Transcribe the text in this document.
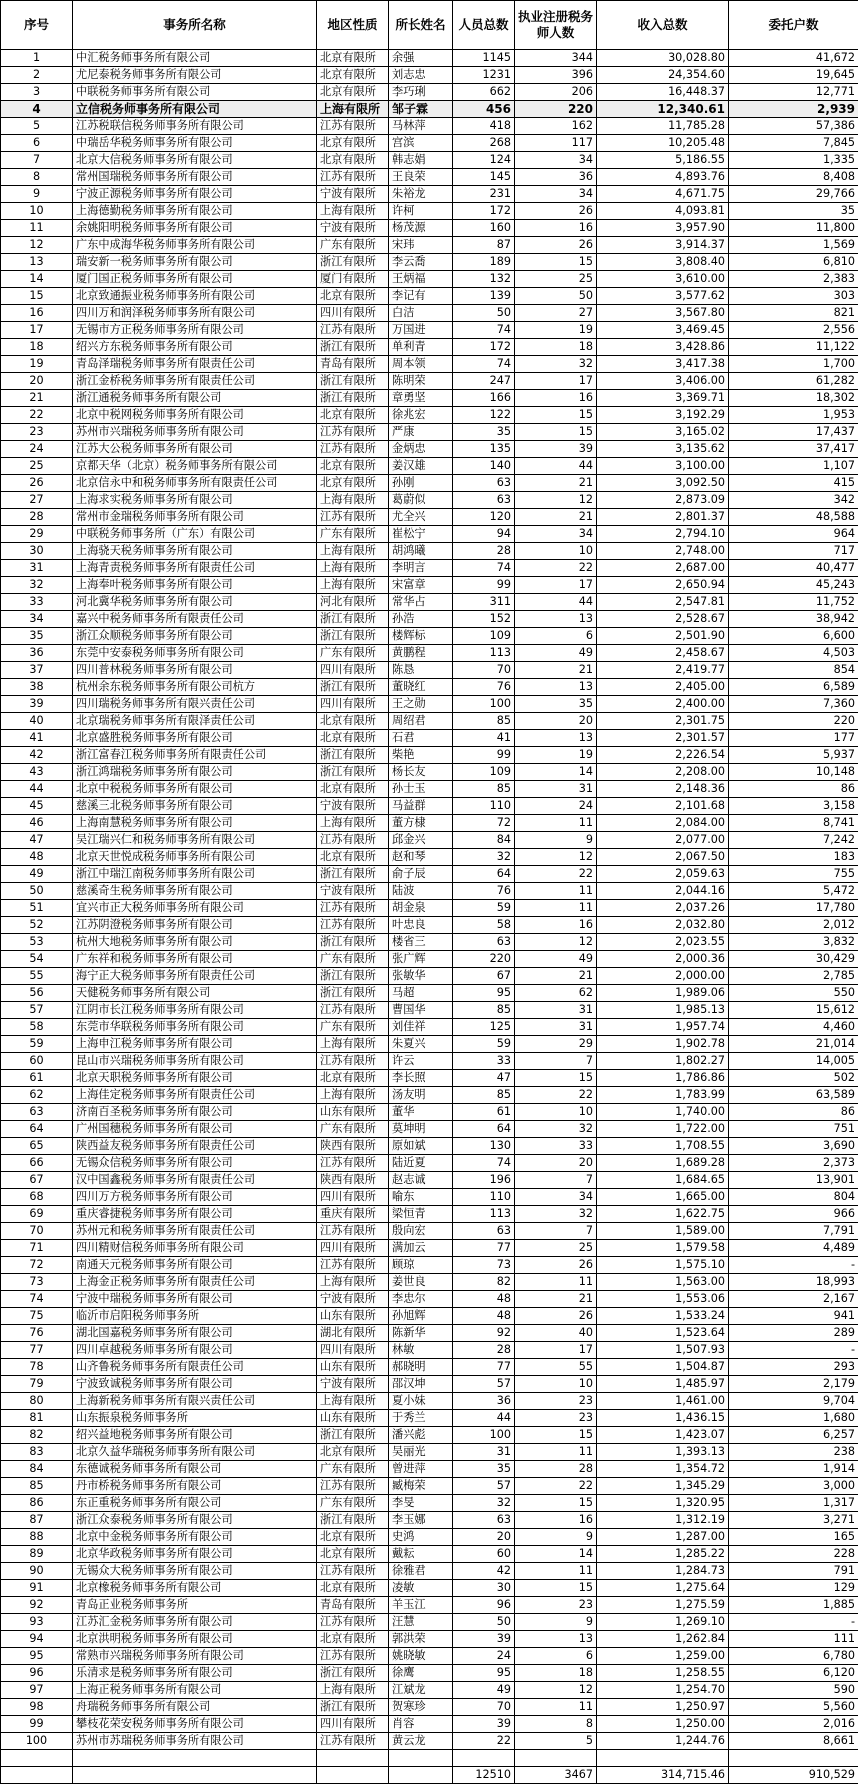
序号	事务所名称	地区性质	所长姓名	人员总数	执业注册税务师人数	收入总数	委托户数
1	中汇税务师事务所有限公司	北京有限所	余强	1145	344	30,028.80	41,672
2	尤尼泰税务师事务所有限公司	北京有限所	刘志忠	1231	396	24,354.60	19,645
3	中联税务师事务所有限公司	北京有限所	李巧琍	662	206	16,448.37	12,771
4	立信税务师事务所有限公司	上海有限所	邹子霖	456	220	12,340.61	2,939
5	江苏税联信税务师事务所有限公司	江苏有限所	马林萍	418	162	11,785.28	57,386
6	中瑞岳华税务师事务所有限公司	北京有限所	宫滨	268	117	10,205.48	7,845
7	北京大信税务师事务所有限公司	北京有限所	韩志娟	124	34	5,186.55	1,335
8	常州国瑞税务师事务所有限公司	江苏有限所	王良荣	145	36	4,893.76	8,408
9	宁波正源税务师事务所有限公司	宁波有限所	朱裕龙	231	34	4,671.75	29,766
10	上海德勤税务师事务所有限公司	上海有限所	许柯	172	26	4,093.81	35
11	余姚阳明税务师事务所有限公司	宁波有限所	杨茂源	160	16	3,957.90	11,800
12	广东中成海华税务师事务所有限公司	广东有限所	宋玮	87	26	3,914.37	1,569
13	瑞安新一税务师事务所有限公司	浙江有限所	李云喬	189	15	3,808.40	6,810
14	厦门国正税务师事务所有限公司	厦门有限所	王炳福	132	25	3,610.00	2,383
15	北京致通振业税务师事务所有限公司	北京有限所	李记有	139	50	3,577.62	303
16	四川万和润泽税务师事务所有限公司	四川有限所	白洁	50	27	3,567.80	821
17	无锡市方正税务师事务所有限公司	江苏有限所	万国进	74	19	3,469.45	2,556
18	绍兴方东税务师事务所有限公司	浙江有限所	单利青	172	18	3,428.86	11,122
19	青岛泽瑞税务师事务所有限责任公司	青岛有限所	周本领	74	32	3,417.38	1,700
20	浙江金桥税务师事务所有限责任公司	浙江有限所	陈明荣	247	17	3,406.00	61,282
21	浙江通税务师事务所有限公司	浙江有限所	章勇坚	166	16	3,369.71	18,302
22	北京中税网税务师事务所有限公司	北京有限所	徐兆宏	122	15	3,192.29	1,953
23	苏州市兴瑞税务师事务所有限公司	江苏有限所	严康	35	15	3,165.02	17,437
24	江苏大公税务师事务所有限公司	江苏有限所	金炳忠	135	39	3,135.62	37,417
25	京都天华（北京）税务师事务所有限公司	北京有限所	姜汉雄	140	44	3,100.00	1,107
26	北京信永中和税务师事务所有限责任公司	北京有限所	孙刚	63	21	3,092.50	415
27	上海求实税务师事务所有限公司	上海有限所	葛蔚似	63	12	2,873.09	342
28	常州市金瑞税务师事务所有限公司	江苏有限所	尤全兴	120	21	2,801.37	48,588
29	中联税务师事务所（广东）有限公司	广东有限所	崔松宁	94	34	2,794.10	964
30	上海骁天税务师事务所有限公司	上海有限所	胡鸿曦	28	10	2,748.00	717
31	上海青责税务师事务所有限责任公司	上海有限所	李明言	74	22	2,687.00	40,477
32	上海奉叶税务师事务所有限公司	上海有限所	宋富章	99	17	2,650.94	45,243
33	河北冀华税务师事务所有限公司	河北有限所	常华占	311	44	2,547.81	11,752
34	嘉兴中税务师事务所有限责任公司	浙江有限所	孙浩	152	13	2,528.67	38,942
35	浙江众顺税务师事务所有限公司	浙江有限所	楼辉标	109	6	2,501.90	6,600
36	东莞中安泰税务师事务所有限公司	广东有限所	黄鹏程	113	49	2,458.67	4,503
37	四川普林税务师事务所有限公司	四川有限所	陈恳	70	21	2,419.77	854
38	杭州余东税务师事务所有限公司杭方	浙江有限所	董晓红	76	13	2,405.00	6,589
39	四川瑞税务师事务所有限兴责任公司	四川有限所	王之勋	100	35	2,400.00	7,360
40	北京瑞税务师事务所有限泽责任公司	北京有限所	周绍君	85	20	2,301.75	220
41	北京盛胜税务师事务所有限公司	北京有限所	石君	41	13	2,301.57	177
42	浙江富春江税务师事务所有限责任公司	浙江有限所	柴艳	99	19	2,226.54	5,937
43	浙江鸿瑞税务师事务所有限公司	浙江有限所	杨长友	109	14	2,208.00	10,148
44	北京中税税务师事务所有限公司	北京有限所	孙士玉	85	31	2,148.36	86
45	慈溪三北税务师事务所有限公司	宁波有限所	马益群	110	24	2,101.68	3,158
46	上海南慧税务师事务所有限公司	上海有限所	董方棣	72	11	2,084.00	8,741
47	吴江瑞兴仁和税务师事务所有限公司	江苏有限所	邱金兴	84	9	2,077.00	7,242
48	北京天世悦成税务师事务所有限公司	北京有限所	赵和琴	32	12	2,067.50	183
49	浙江中瑞江南税务师事务所有限公司	浙江有限所	俞子辰	64	22	2,059.63	755
50	慈溪奇生税务师事务所有限公司	宁波有限所	陆波	76	11	2,044.16	5,472
51	宜兴市正大税务师事务所有限公司	江苏有限所	胡金泉	59	11	2,037.26	17,780
52	江苏阴澄税务师事务所有限公司	江苏有限所	叶忠良	58	16	2,032.80	2,012
53	杭州大地税务师事务所有限公司	浙江有限所	楼省三	63	12	2,023.55	3,832
54	广东祥和税务师事务所有限公司	广东有限所	张广辉	220	49	2,000.36	30,429
55	海宁正大税务师事务所有限责任公司	浙江有限所	张敏华	67	21	2,000.00	2,785
56	天健税务师事务所有限公司	浙江有限所	马超	95	62	1,989.06	550
57	江阴市长江税务师事务所有限公司	江苏有限所	曹国华	85	31	1,985.13	15,612
58	东莞市华联税务师事务所有限公司	广东有限所	刘佳祥	125	31	1,957.74	4,460
59	上海申江税务师事务所有限公司	上海有限所	朱夏兴	59	29	1,902.78	21,014
60	昆山市兴瑞税务师事务所有限公司	江苏有限所	许云	33	7	1,802.27	14,005
61	北京天职税务师事务所有限公司	北京有限所	李长照	47	15	1,786.86	502
62	上海佳定税务师事务所有限责任公司	上海有限所	汤友明	85	22	1,783.99	63,589
63	济南百圣税务师事务所有限公司	山东有限所	董华	61	10	1,740.00	86
64	广州国穗税务师事务所有限公司	广东有限所	莫坤明	64	32	1,722.00	751
65	陕西益友税务师事务所有限责任公司	陕西有限所	原如斌	130	33	1,708.55	3,690
66	无锡众信税务师事务所有限公司	江苏有限所	陆近夏	74	20	1,689.28	2,373
67	汉中国鑫税务师事务所有限责任公司	陕西有限所	赵志诚	196	7	1,684.65	13,901
68	四川万方税务师事务所有限公司	四川有限所	喻东	110	34	1,665.00	804
69	重庆睿捷税务师事务所有限公司	重庆有限所	梁恒青	113	32	1,622.75	966
70	苏州元和税务师事务所有限责任公司	江苏有限所	殷向宏	63	7	1,589.00	7,791
71	四川精财信税务师事务所有限公司	四川有限所	满加云	77	25	1,579.58	4,489
72	南通天元税务师事务所有限公司	江苏有限所	顾琼	73	26	1,575.10	-
73	上海金正税务师事务所有限责任公司	上海有限所	姜世良	82	11	1,563.00	18,993
74	宁波中瑞税务师事务所有限公司	宁波有限所	李忠尔	48	21	1,553.06	2,167
75	临沂市启阳税务师事务所	山东有限所	孙旭辉	48	26	1,533.24	941
76	湖北国嘉税务师事务所有限公司	湖北有限所	陈新华	92	40	1,523.64	289
77	四川卓越税务师事务所有限公司	四川有限所	林敏	28	17	1,507.93	-
78	山齐鲁税务师事务所有限责任公司	山东有限所	郝晓明	77	55	1,504.87	293
79	宁波致诚税务师事务所有限公司	宁波有限所	邵汉坤	57	10	1,485.97	2,179
80	上海新税务师事务所有限兴责任公司	上海有限所	夏小妹	36	23	1,461.00	9,704
81	山东振泉税务师事务所	山东有限所	于秀兰	44	23	1,436.15	1,680
82	绍兴益地税务师事务所有限公司	浙江有限所	潘兴彪	100	15	1,423.07	6,257
83	北京久益华瑞税务师事务所有限公司	北京有限所	吴丽光	31	11	1,393.13	238
84	东德诚税务师事务所有限公司	广东有限所	曾进萍	35	28	1,354.72	1,914
85	丹市桥税务师事务所有限公司	江苏有限所	臧梅荣	57	22	1,345.29	3,000
86	东正重税务师事务所有限公司	广东有限所	李旻	32	15	1,320.95	1,317
87	浙江众泰税务师事务所有限公司	浙江有限所	李玉娜	63	16	1,312.19	3,271
88	北京中金税务师事务所有限公司	北京有限所	史鸿	20	9	1,287.00	165
89	北京华政税务师事务所有限公司	北京有限所	戴耘	60	14	1,285.22	228
90	无锡众大税务师事务所有限公司	江苏有限所	徐雅君	42	11	1,284.73	791
91	北京橡税务师事务所有限公司	北京有限所	凌敏	30	15	1,275.64	129
92	青岛正业税务师事务所	青岛有限所	羊玉江	96	23	1,275.59	1,885
93	江苏汇金税务师事务所有限公司	江苏有限所	汪慧	50	9	1,269.10	-
94	北京洪明税务师事务所有限公司	北京有限所	郭洪荣	39	13	1,262.84	111
95	常熟市兴瑞税务师事务所有限公司	江苏有限所	姚晓敏	24	6	1,259.00	6,780
96	乐清求是税务师事务所有限公司	浙江有限所	徐鹰	95	18	1,258.55	6,120
97	上海正税务师事务所有限公司	上海有限所	江斌龙	49	12	1,254.70	590
98	舟瑞税务师事务所有限公司	浙江有限所	贺寒珍	70	11	1,250.97	5,560
99	攀枝花荣安税务师事务所有限公司	四川有限所	肖容	39	8	1,250.00	2,016
100	苏州市苏瑞税务师事务所有限公司	江苏有限所	黄云龙	22	5	1,244.76	8,661

				12510	3467	314,715.46	910,529
